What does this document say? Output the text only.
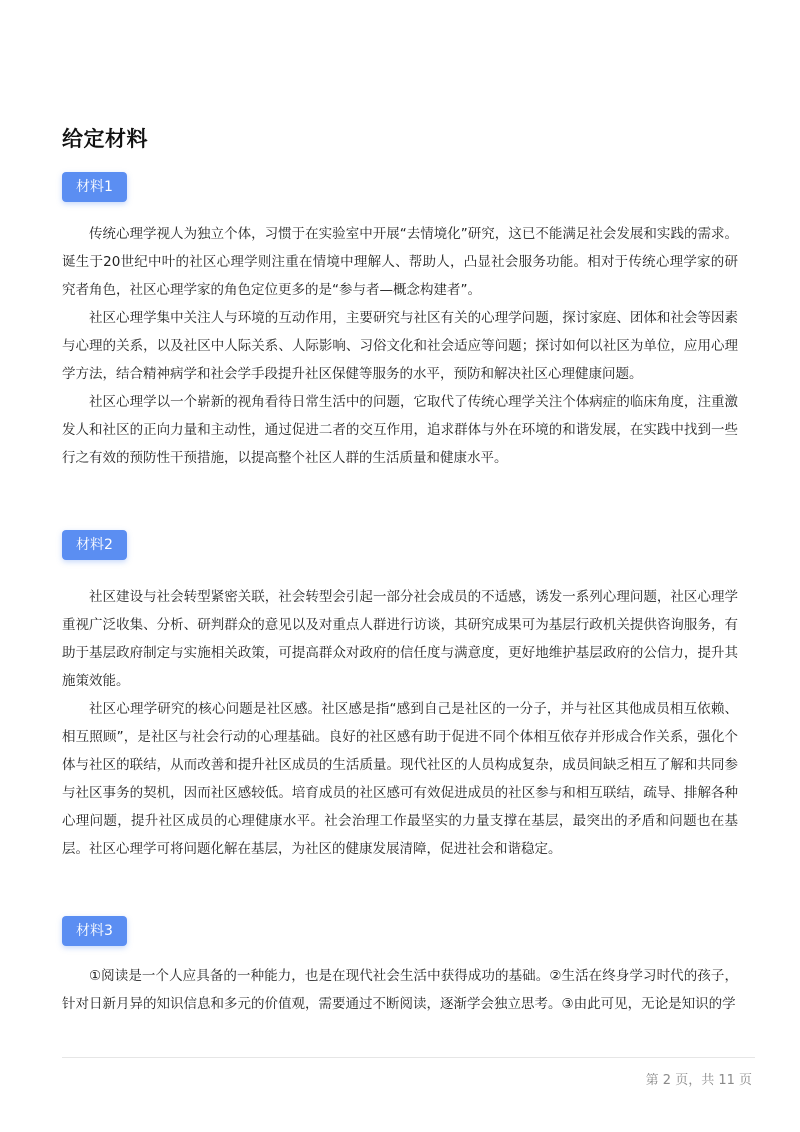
给定材料
材料1

传统心理学视人为独立个体，习惯于在实验室中开展“去情境化”研究，这已不能满足社会发展和实践的需求。诞生于20世纪中叶的社区心理学则注重在情境中理解人、帮助人，凸显社会服务功能。相对于传统心理学家的研究者角色，社区心理学家的角色定位更多的是“参与者—概念构建者”。

社区心理学集中关注人与环境的互动作用，主要研究与社区有关的心理学问题，探讨家庭、团体和社会等因素与心理的关系，以及社区中人际关系、人际影响、习俗文化和社会适应等问题；探讨如何以社区为单位，应用心理学方法，结合精神病学和社会学手段提升社区保健等服务的水平，预防和解决社区心理健康问题。

社区心理学以一个崭新的视角看待日常生活中的问题，它取代了传统心理学关注个体病症的临床角度，注重激发人和社区的正向力量和主动性，通过促进二者的交互作用，追求群体与外在环境的和谐发展，在实践中找到一些行之有效的预防性干预措施，以提高整个社区人群的生活质量和健康水平。

材料2

社区建设与社会转型紧密关联，社会转型会引起一部分社会成员的不适感，诱发一系列心理问题，社区心理学重视广泛收集、分析、研判群众的意见以及对重点人群进行访谈，其研究成果可为基层行政机关提供咨询服务，有助于基层政府制定与实施相关政策，可提高群众对政府的信任度与满意度，更好地维护基层政府的公信力，提升其施策效能。

社区心理学研究的核心问题是社区感。社区感是指“感到自己是社区的一分子，并与社区其他成员相互依赖、相互照顾”，是社区与社会行动的心理基础。良好的社区感有助于促进不同个体相互依存并形成合作关系，强化个体与社区的联结，从而改善和提升社区成员的生活质量。现代社区的人员构成复杂，成员间缺乏相互了解和共同参与社区事务的契机，因而社区感较低。培育成员的社区感可有效促进成员的社区参与和相互联结，疏导、排解各种心理问题，提升社区成员的心理健康水平。社会治理工作最坚实的力量支撑在基层，最突出的矛盾和问题也在基层。社区心理学可将问题化解在基层，为社区的健康发展清障，促进社会和谐稳定。

材料3

①阅读是一个人应具备的一种能力，也是在现代社会生活中获得成功的基础。②生活在终身学习时代的孩子，针对日新月异的知识信息和多元的价值观，需要通过不断阅读，逐渐学会独立思考。③由此可见，无论是知识的学

第 2 页，共 11 页
